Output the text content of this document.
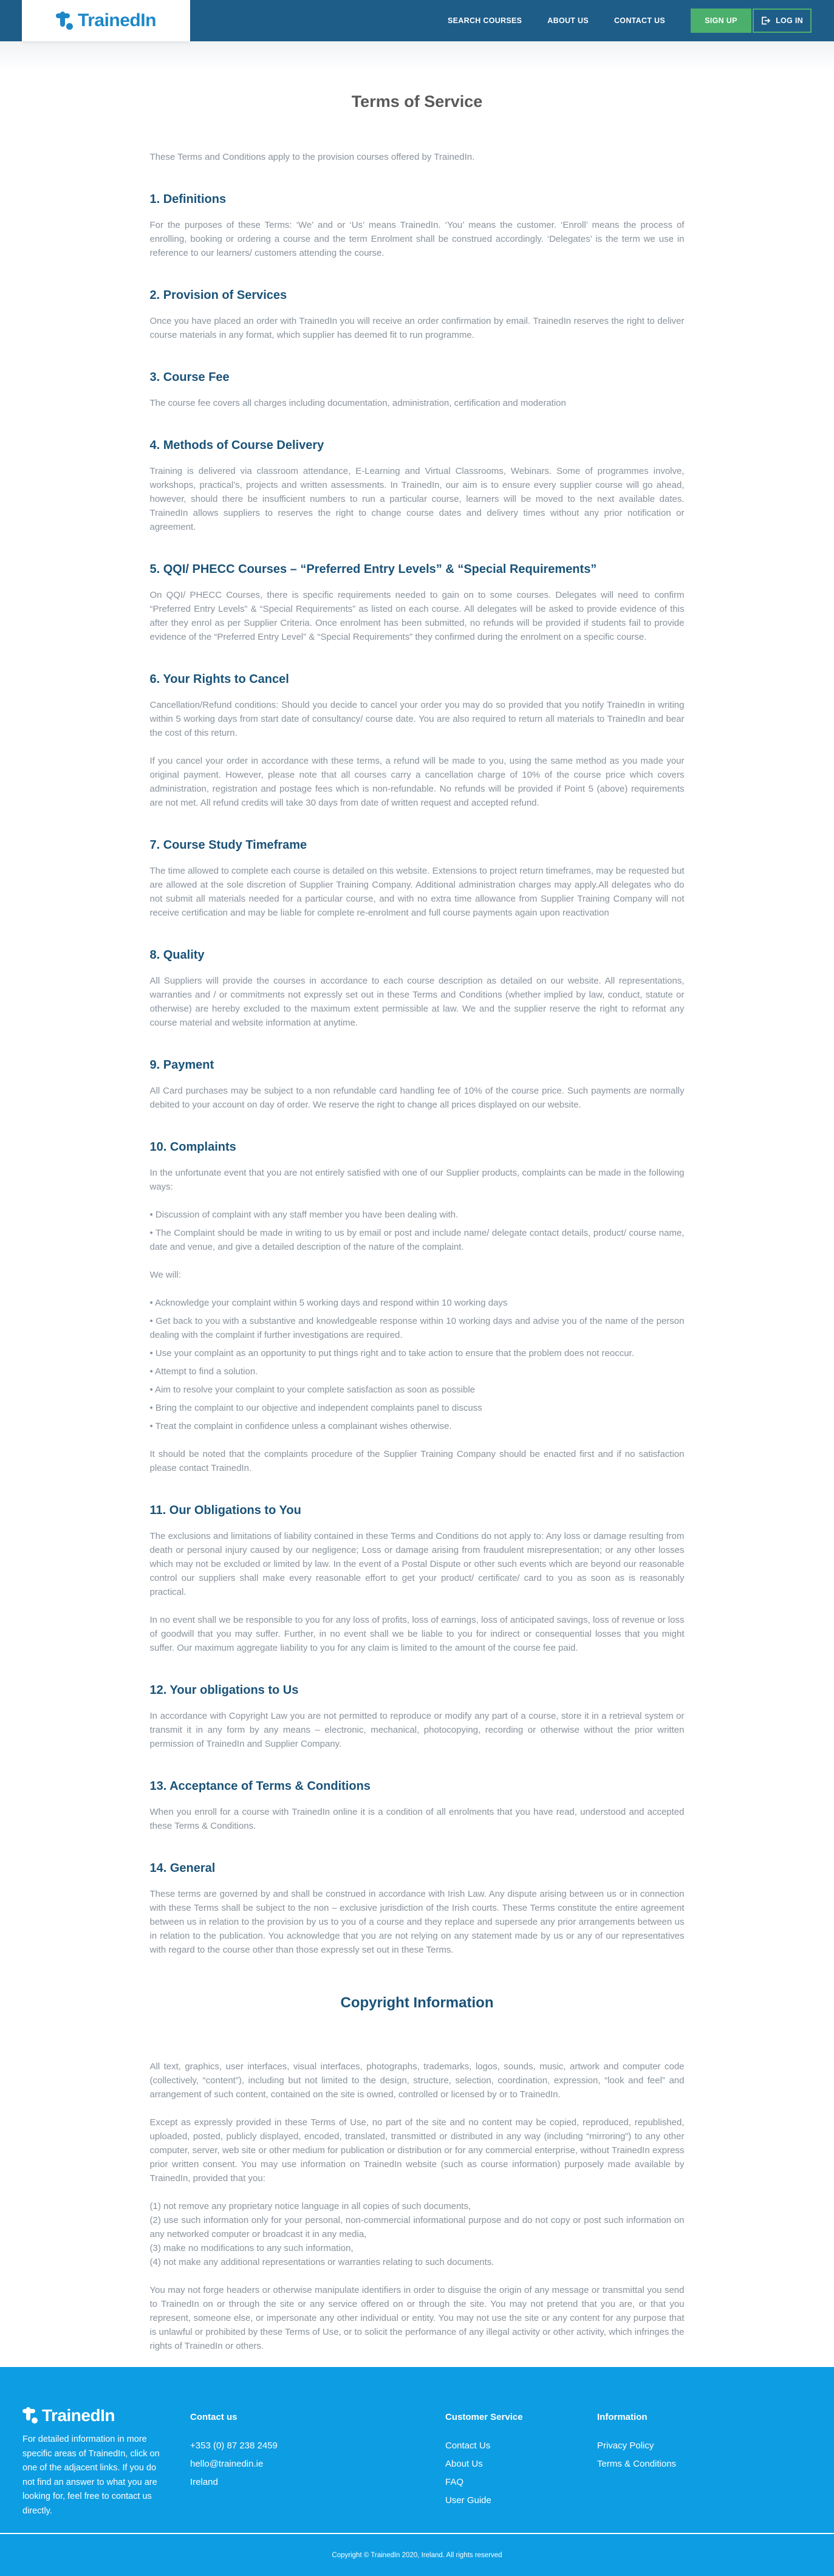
TrainedIn	SEARCH COURSES	ABOUT US	CONTACT US	SIGN UP	LOG IN
Terms of Service
These Terms and Conditions apply to the provision courses offered by TrainedIn.
1. Definitions
For the purposes of these Terms: ‘We’ and or ‘Us’ means TrainedIn. ‘You’ means the customer. ‘Enroll’ means the process of enrolling, booking or ordering a course and the term Enrolment shall be construed accordingly. ‘Delegates’ is the term we use in reference to our learners/ customers attending the course.
2. Provision of Services
Once you have placed an order with TrainedIn you will receive an order confirmation by email. TrainedIn reserves the right to deliver course materials in any format, which supplier has deemed fit to run programme.
3. Course Fee
The course fee covers all charges including documentation, administration, certification and moderation
4. Methods of Course Delivery
Training is delivered via classroom attendance, E-Learning and Virtual Classrooms, Webinars. Some of programmes involve, workshops, practical’s, projects and written assessments. In TrainedIn, our aim is to ensure every supplier course will go ahead, however, should there be insufficient numbers to run a particular course, learners will be moved to the next available dates. TrainedIn allows suppliers to reserves the right to change course dates and delivery times without any prior notification or agreement.
5. QQI/ PHECC Courses – “Preferred Entry Levels” & “Special Requirements”
On QQI/ PHECC Courses, there is specific requirements needed to gain on to some courses. Delegates will need to confirm “Preferred Entry Levels” & “Special Requirements” as listed on each course. All delegates will be asked to provide evidence of this after they enrol as per Supplier Criteria. Once enrolment has been submitted, no refunds will be provided if students fail to provide evidence of the “Preferred Entry Level” & “Special Requirements” they confirmed during the enrolment on a specific course.
6. Your Rights to Cancel
Cancellation/Refund conditions: Should you decide to cancel your order you may do so provided that you notify TrainedIn in writing within 5 working days from start date of consultancy/ course date. You are also required to return all materials to TrainedIn and bear the cost of this return.
If you cancel your order in accordance with these terms, a refund will be made to you, using the same method as you made your original payment. However, please note that all courses carry a cancellation charge of 10% of the course price which covers administration, registration and postage fees which is non-refundable. No refunds will be provided if Point 5 (above) requirements are not met. All refund credits will take 30 days from date of written request and accepted refund.
7. Course Study Timeframe
The time allowed to complete each course is detailed on this website. Extensions to project return timeframes, may be requested but are allowed at the sole discretion of Supplier Training Company. Additional administration charges may apply.All delegates who do not submit all materials needed for a particular course, and with no extra time allowance from Supplier Training Company will not receive certification and may be liable for complete re-enrolment and full course payments again upon reactivation
8. Quality
All Suppliers will provide the courses in accordance to each course description as detailed on our website. All representations, warranties and / or commitments not expressly set out in these Terms and Conditions (whether implied by law, conduct, statute or otherwise) are hereby excluded to the maximum extent permissible at law. We and the supplier reserve the right to reformat any course material and website information at anytime.
9. Payment
All Card purchases may be subject to a non refundable card handling fee of 10% of the course price. Such payments are normally debited to your account on day of order. We reserve the right to change all prices displayed on our website.
10. Complaints
In the unfortunate event that you are not entirely satisfied with one of our Supplier products, complaints can be made in the following ways:
• Discussion of complaint with any staff member you have been dealing with.
• The Complaint should be made in writing to us by email or post and include name/ delegate contact details, product/ course name, date and venue, and give a detailed description of the nature of the complaint.
We will:
• Acknowledge your complaint within 5 working days and respond within 10 working days
• Get back to you with a substantive and knowledgeable response within 10 working days and advise you of the name of the person dealing with the complaint if further investigations are required.
• Use your complaint as an opportunity to put things right and to take action to ensure that the problem does not reoccur.
• Attempt to find a solution.
• Aim to resolve your complaint to your complete satisfaction as soon as possible
• Bring the complaint to our objective and independent complaints panel to discuss
• Treat the complaint in confidence unless a complainant wishes otherwise.
It should be noted that the complaints procedure of the Supplier Training Company should be enacted first and if no satisfaction please contact TrainedIn.
11. Our Obligations to You
The exclusions and limitations of liability contained in these Terms and Conditions do not apply to: Any loss or damage resulting from death or personal injury caused by our negligence; Loss or damage arising from fraudulent misrepresentation; or any other losses which may not be excluded or limited by law. In the event of a Postal Dispute or other such events which are beyond our reasonable control our suppliers shall make every reasonable effort to get your product/ certificate/ card to you as soon as is reasonably practical.
In no event shall we be responsible to you for any loss of profits, loss of earnings, loss of anticipated savings, loss of revenue or loss of goodwill that you may suffer. Further, in no event shall we be liable to you for indirect or consequential losses that you might suffer. Our maximum aggregate liability to you for any claim is limited to the amount of the course fee paid.
12. Your obligations to Us
In accordance with Copyright Law you are not permitted to reproduce or modify any part of a course, store it in a retrieval system or transmit it in any form by any means – electronic, mechanical, photocopying, recording or otherwise without the prior written permission of TrainedIn and Supplier Company.
13. Acceptance of Terms & Conditions
When you enroll for a course with TrainedIn online it is a condition of all enrolments that you have read, understood and accepted these Terms & Conditions.
14. General
These terms are governed by and shall be construed in accordance with Irish Law. Any dispute arising between us or in connection with these Terms shall be subject to the non – exclusive jurisdiction of the Irish courts. These Terms constitute the entire agreement between us in relation to the provision by us to you of a course and they replace and supersede any prior arrangements between us in relation to the publication. You acknowledge that you are not relying on any statement made by us or any of our representatives with regard to the course other than those expressly set out in these Terms.
Copyright Information
All text, graphics, user interfaces, visual interfaces, photographs, trademarks, logos, sounds, music, artwork and computer code (collectively, “content”), including but not limited to the design, structure, selection, coordination, expression, “look and feel” and arrangement of such content, contained on the site is owned, controlled or licensed by or to TrainedIn.
Except as expressly provided in these Terms of Use, no part of the site and no content may be copied, reproduced, republished, uploaded, posted, publicly displayed, encoded, translated, transmitted or distributed in any way (including “mirroring”) to any other computer, server, web site or other medium for publication or distribution or for any commercial enterprise, without TrainedIn express prior written consent. You may use information on TrainedIn website (such as course information) purposely made available by TrainedIn, provided that you:
(1) not remove any proprietary notice language in all copies of such documents,
(2) use such information only for your personal, non-commercial informational purpose and do not copy or post such information on any networked computer or broadcast it in any media,
(3) make no modifications to any such information,
(4) not make any additional representations or warranties relating to such documents.
You may not forge headers or otherwise manipulate identifiers in order to disguise the origin of any message or transmittal you send to TrainedIn on or through the site or any service offered on or through the site. You may not pretend that you are, or that you represent, someone else, or impersonate any other individual or entity. You may not use the site or any content for any purpose that is unlawful or prohibited by these Terms of Use, or to solicit the performance of any illegal activity or other activity, which infringes the rights of TrainedIn or others.
TrainedIn
For detailed information in more specific areas of TrainedIn, click on one of the adjacent links. If you do not find an answer to what you are looking for, feel free to contact us directly.
Contact us
+353 (0) 87 238 2459
hello@trainedin.ie
Ireland
Customer Service
Contact Us
About Us
FAQ
User Guide
Information
Privacy Policy
Terms & Conditions
Copyright © TrainedIn 2020, Ireland. All rights reserved
